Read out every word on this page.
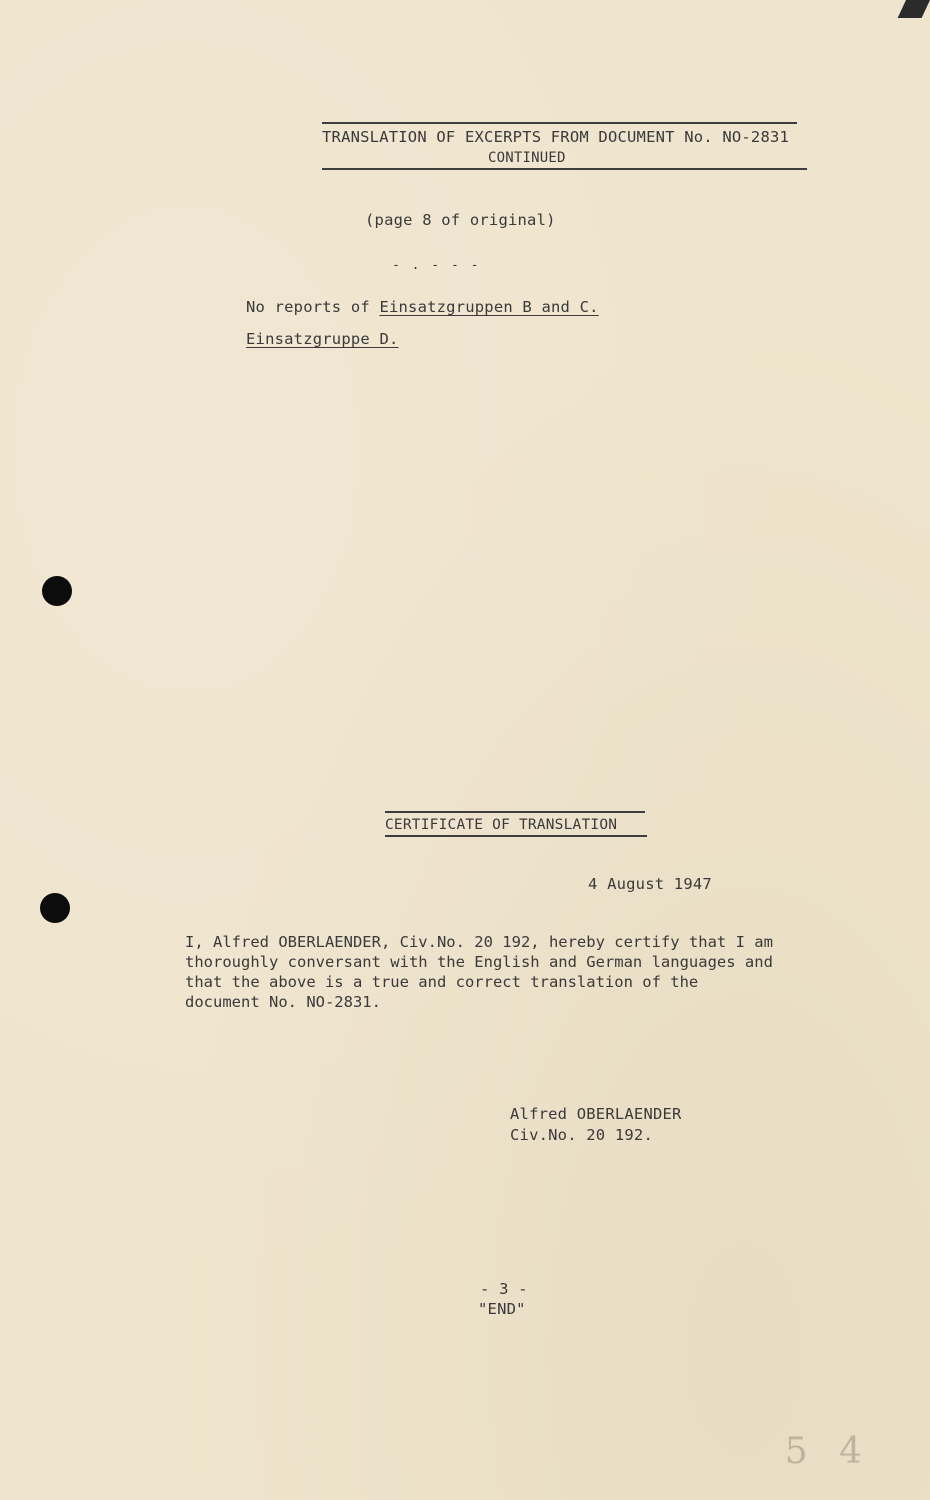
TRANSLATION OF EXCERPTS FROM DOCUMENT No. NO-2831
CONTINUED
(page 8 of original)
- . - - -
No reports of Einsatzgruppen B and C.
Einsatzgruppe D.
CERTIFICATE OF TRANSLATION
4 August 1947
I, Alfred OBERLAENDER, Civ.No. 20 192, hereby certify that I am
thoroughly conversant with the English and German languages and
that the above is a true and correct translation of the
document No. NO-2831.
Alfred OBERLAENDER
Civ.No. 20 192.
- 3 -
"END"
5 4
